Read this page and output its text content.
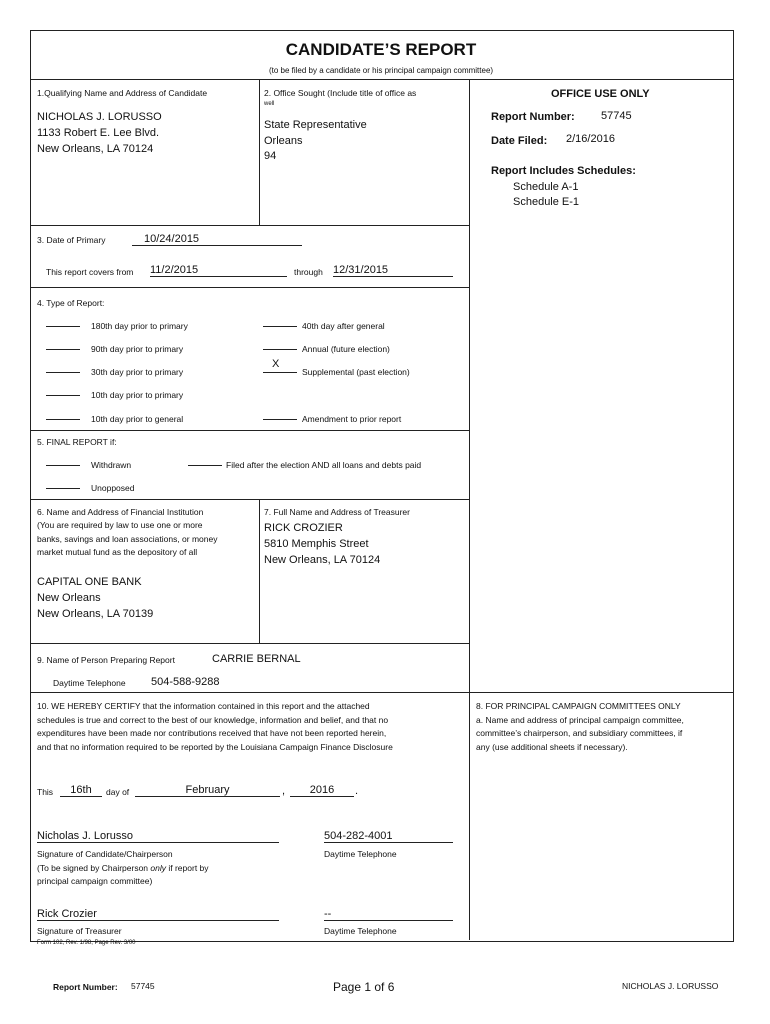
CANDIDATE’S REPORT
(to be filed by a candidate or his principal campaign committee)
1.Qualifying Name and Address of Candidate
NICHOLAS J. LORUSSO
1133 Robert E. Lee Blvd.
New Orleans, LA 70124
2. Office Sought (Include title of office as
well
State Representative
Orleans
94
OFFICE USE ONLY
Report Number: 57745
Date Filed: 2/16/2016
Report Includes Schedules:
Schedule A-1
Schedule E-1
3. Date of Primary	10/24/2015
This report covers from 11/2/2015	through 12/31/2015
4. Type of Report:
180th day prior to primary
90th day prior to primary
30th day prior to primary
10th day prior to primary
10th day prior to general
40th day after general
Annual (future election)
X
Supplemental (past election)
Amendment to prior report
5. FINAL REPORT if:
Withdrawn	Filed after the election AND all loans and debts paid
Unopposed
6. Name and Address of Financial Institution
(You are required by law to use one or more
banks, savings and loan associations, or money
market mutual fund as the depository of all
CAPITAL ONE BANK
New Orleans
New Orleans, LA 70139
7. Full Name and Address of Treasurer
RICK CROZIER
5810 Memphis Street
New Orleans, LA 70124
9. Name of Person Preparing Report	CARRIE BERNAL
Daytime Telephone 504-588-9288
10. WE HEREBY CERTIFY that the information contained in this report and the attached
schedules is true and correct to the best of our knowledge, information and belief, and that no
expenditures have been made nor contributions received that have not been reported herein,
and that no information required to be reported by the Louisiana Campaign Finance Disclosure
This	16th	day of	February	,	2016	.
Nicholas J. Lorusso	504-282-4001
Signature of Candidate/Chairperson	Daytime Telephone
(To be signed by Chairperson only if report by
principal campaign committee)
Rick Crozier	--
Signature of Treasurer	Daytime Telephone
8. FOR PRINCIPAL CAMPAIGN COMMITTEES ONLY
a. Name and address of principal campaign committee,
committee’s chairperson, and subsidiary committees, if
any (use additional sheets if necessary).
Form 102, Rev. 1/98, Page Rev. 3/00
Report Number: 57745	Page 1 of 6	NICHOLAS J. LORUSSO
